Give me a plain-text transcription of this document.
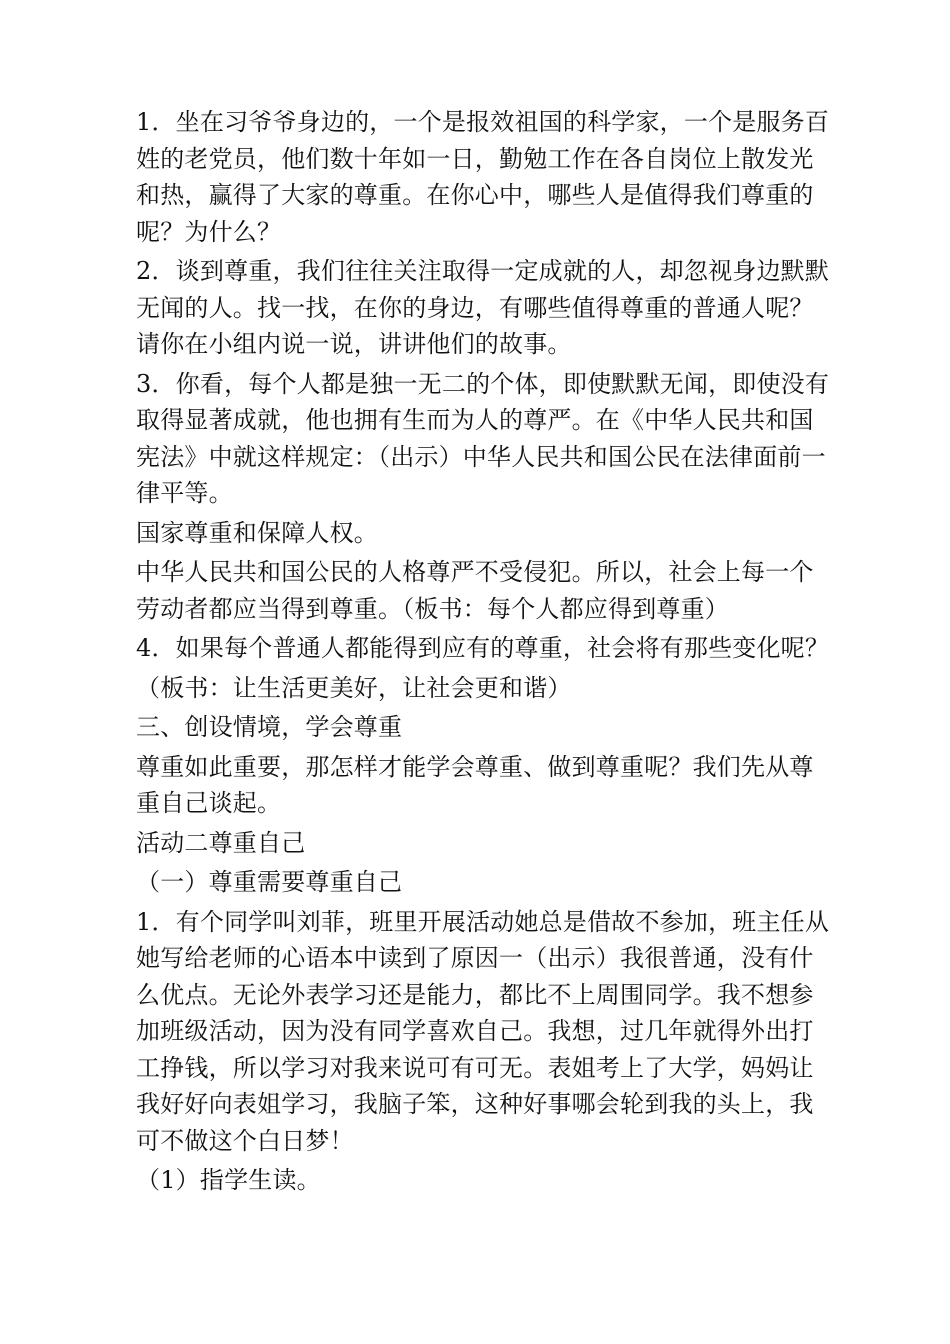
1．坐在习爷爷身边的，一个是报效祖国的科学家，一个是服务百姓的老党员，他们数十年如一日，勤勉工作在各自岗位上散发光和热，赢得了大家的尊重。在你心中，哪些人是值得我们尊重的呢？为什么？

2．谈到尊重，我们往往关注取得一定成就的人，却忽视身边默默无闻的人。找一找，在你的身边，有哪些值得尊重的普通人呢？请你在小组内说一说，讲讲他们的故事。

3．你看，每个人都是独一无二的个体，即使默默无闻，即使没有取得显著成就，他也拥有生而为人的尊严。在《中华人民共和国宪法》中就这样规定：（出示）中华人民共和国公民在法律面前一律平等。

国家尊重和保障人权。

中华人民共和国公民的人格尊严不受侵犯。所以，社会上每一个劳动者都应当得到尊重。（板书：每个人都应得到尊重）

4．如果每个普通人都能得到应有的尊重，社会将有那些变化呢？

（板书：让生活更美好，让社会更和谐）

三、创设情境，学会尊重

尊重如此重要，那怎样才能学会尊重、做到尊重呢？我们先从尊重自己谈起。

活动二尊重自己

（一）尊重需要尊重自己

1．有个同学叫刘菲，班里开展活动她总是借故不参加，班主任从她写给老师的心语本中读到了原因一（出示）我很普通，没有什么优点。无论外表学习还是能力，都比不上周围同学。我不想参加班级活动，因为没有同学喜欢自己。我想，过几年就得外出打工挣钱，所以学习对我来说可有可无。表姐考上了大学，妈妈让我好好向表姐学习，我脑子笨，这种好事哪会轮到我的头上，我可不做这个白日梦！

（1）指学生读。
